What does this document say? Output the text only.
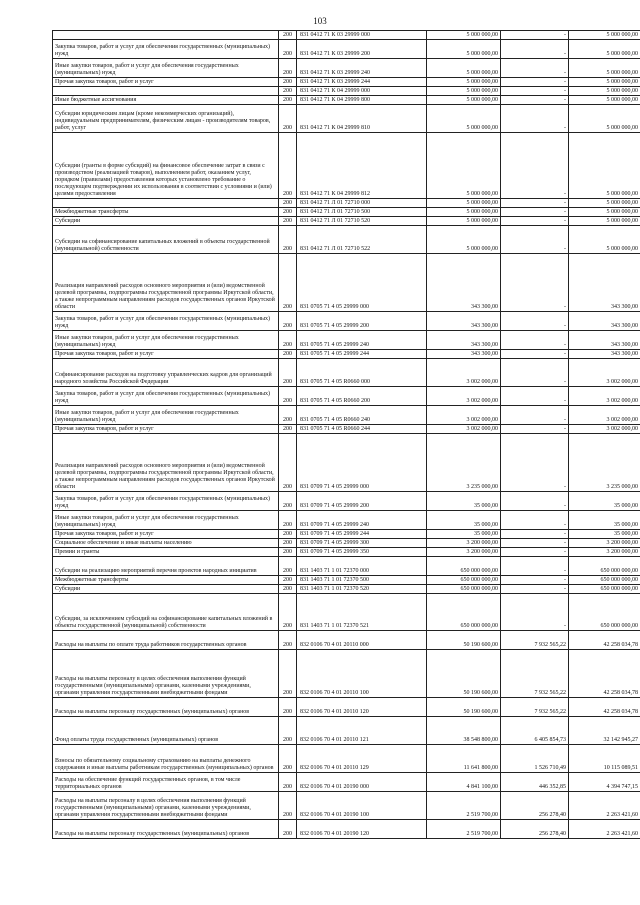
103
	200	831 0412 71 К 03 29999 000	5 000 000,00	-	5 000 000,00
Закупка товаров, работ и услуг для обеспечения государственных (муниципальных) нужд	200	831 0412 71 К 03 29999 200	5 000 000,00	-	5 000 000,00
Иные закупки товаров, работ и услуг для обеспечения государственных (муниципальных) нужд	200	831 0412 71 К 03 29999 240	5 000 000,00	-	5 000 000,00
Прочая закупка товаров, работ и услуг	200	831 0412 71 К 03 29999 244	5 000 000,00	-	5 000 000,00
	200	831 0412 71 К 04 29999 000	5 000 000,00	-	5 000 000,00
Иные бюджетные ассигнования	200	831 0412 71 К 04 29999 800	5 000 000,00	-	5 000 000,00
Субсидии юридическим лицам (кроме некоммерческих организаций), индивидуальным предпринимателям, физическим лицам - производителям товаров, работ, услуг	200	831 0412 71 К 04 29999 810	5 000 000,00	-	5 000 000,00
Субсидии (гранты в форме субсидий) на финансовое обеспечение затрат в связи с производством (реализацией товаров), выполнением работ, оказанием услуг, порядком (правилами) предоставления которых установлено требование о последующем подтверждении их использования в соответствии с условиями и (или) целями предоставления	200	831 0412 71 К 04 29999 812	5 000 000,00	-	5 000 000,00
	200	831 0412 71 Л 01 72710 000	5 000 000,00	-	5 000 000,00
Межбюджетные трансферты	200	831 0412 71 Л 01 72710 500	5 000 000,00	-	5 000 000,00
Субсидии	200	831 0412 71 Л 01 72710 520	5 000 000,00	-	5 000 000,00
Субсидии на софинансирование капитальных вложений в объекты государственной (муниципальной) собственности	200	831 0412 71 Л 01 72710 522	5 000 000,00	-	5 000 000,00
Реализация направлений расходов основного мероприятия и (или) ведомственной целевой программы, подпрограммы государственной программы Иркутской области, а также непрограммным направлениям расходов государственных органов Иркутской области	200	831 0705 71 4 05 29999 000	343 300,00	-	343 300,00
Закупка товаров, работ и услуг для обеспечения государственных (муниципальных) нужд	200	831 0705 71 4 05 29999 200	343 300,00	-	343 300,00
Иные закупки товаров, работ и услуг для обеспечения государственных (муниципальных) нужд	200	831 0705 71 4 05 29999 240	343 300,00	-	343 300,00
Прочая закупка товаров, работ и услуг	200	831 0705 71 4 05 29999 244	343 300,00	-	343 300,00
Софинансирование расходов на подготовку управленческих кадров для организаций народного хозяйства Российской Федерации	200	831 0705 71 4 05 R0660 000	3 002 000,00	-	3 002 000,00
Закупка товаров, работ и услуг для обеспечения государственных (муниципальных) нужд	200	831 0705 71 4 05 R0660 200	3 002 000,00	-	3 002 000,00
Иные закупки товаров, работ и услуг для обеспечения государственных (муниципальных) нужд	200	831 0705 71 4 05 R0660 240	3 002 000,00	-	3 002 000,00
Прочая закупка товаров, работ и услуг	200	831 0705 71 4 05 R0660 244	3 002 000,00	-	3 002 000,00
Реализация направлений расходов основного мероприятия и (или) ведомственной целевой программы, подпрограммы государственной программы Иркутской области, а также непрограммным направлениям расходов государственных органов Иркутской области	200	831 0709 71 4 05 29999 000	3 235 000,00	-	3 235 000,00
Закупка товаров, работ и услуг для обеспечения государственных (муниципальных) нужд	200	831 0709 71 4 05 29999 200	35 000,00	-	35 000,00
Иные закупки товаров, работ и услуг для обеспечения государственных (муниципальных) нужд	200	831 0709 71 4 05 29999 240	35 000,00	-	35 000,00
Прочая закупка товаров, работ и услуг	200	831 0709 71 4 05 29999 244	35 000,00	-	35 000,00
Социальное обеспечение и иные выплаты населению	200	831 0709 71 4 05 29999 300	3 200 000,00	-	3 200 000,00
Премии и гранты	200	831 0709 71 4 05 29999 350	3 200 000,00	-	3 200 000,00
Субсидии на реализацию мероприятий перечня проектов народных инициатив	200	831 1403 71 1 01 72370 000	650 000 000,00	-	650 000 000,00
Межбюджетные трансферты	200	831 1403 71 1 01 72370 500	650 000 000,00	-	650 000 000,00
Субсидии	200	831 1403 71 1 01 72370 520	650 000 000,00	-	650 000 000,00
Субсидии, за исключением субсидий на софинансирование капитальных вложений в объекты государственной (муниципальной) собственности	200	831 1403 71 1 01 72370 521	650 000 000,00	-	650 000 000,00
Расходы на выплаты по оплате труда работников государственных органов	200	832 0106 70 4 01 20110 000	50 190 600,00	7 932 565,22	42 258 034,78
Расходы на выплаты персоналу в целях обеспечения выполнения функций государственными (муниципальными) органами, казенными учреждениями, органами управления государственными внебюджетными фондами	200	832 0106 70 4 01 20110 100	50 190 600,00	7 932 565,22	42 258 034,78
Расходы на выплаты персоналу государственных (муниципальных) органов	200	832 0106 70 4 01 20110 120	50 190 600,00	7 932 565,22	42 258 034,78
Фонд оплаты труда государственных (муниципальных) органов	200	832 0106 70 4 01 20110 121	38 548 800,00	6 405 854,73	32 142 945,27
Взносы по обязательному социальному страхованию на выплаты денежного содержания и иные выплаты работникам государственных (муниципальных) органов	200	832 0106 70 4 01 20110 129	11 641 800,00	1 526 710,49	10 115 089,51
Расходы на обеспечение функций государственных органов, в том числе территориальных органов	200	832 0106 70 4 01 20190 000	4 841 100,00	446 352,85	4 394 747,15
Расходы на выплаты персоналу в целях обеспечения выполнения функций государственными (муниципальными) органами, казенными учреждениями, органами управления государственными внебюджетными фондами	200	832 0106 70 4 01 20190 100	2 519 700,00	256 278,40	2 263 421,60
Расходы на выплаты персоналу государственных (муниципальных) органов	200	832 0106 70 4 01 20190 120	2 519 700,00	256 278,40	2 263 421,60
